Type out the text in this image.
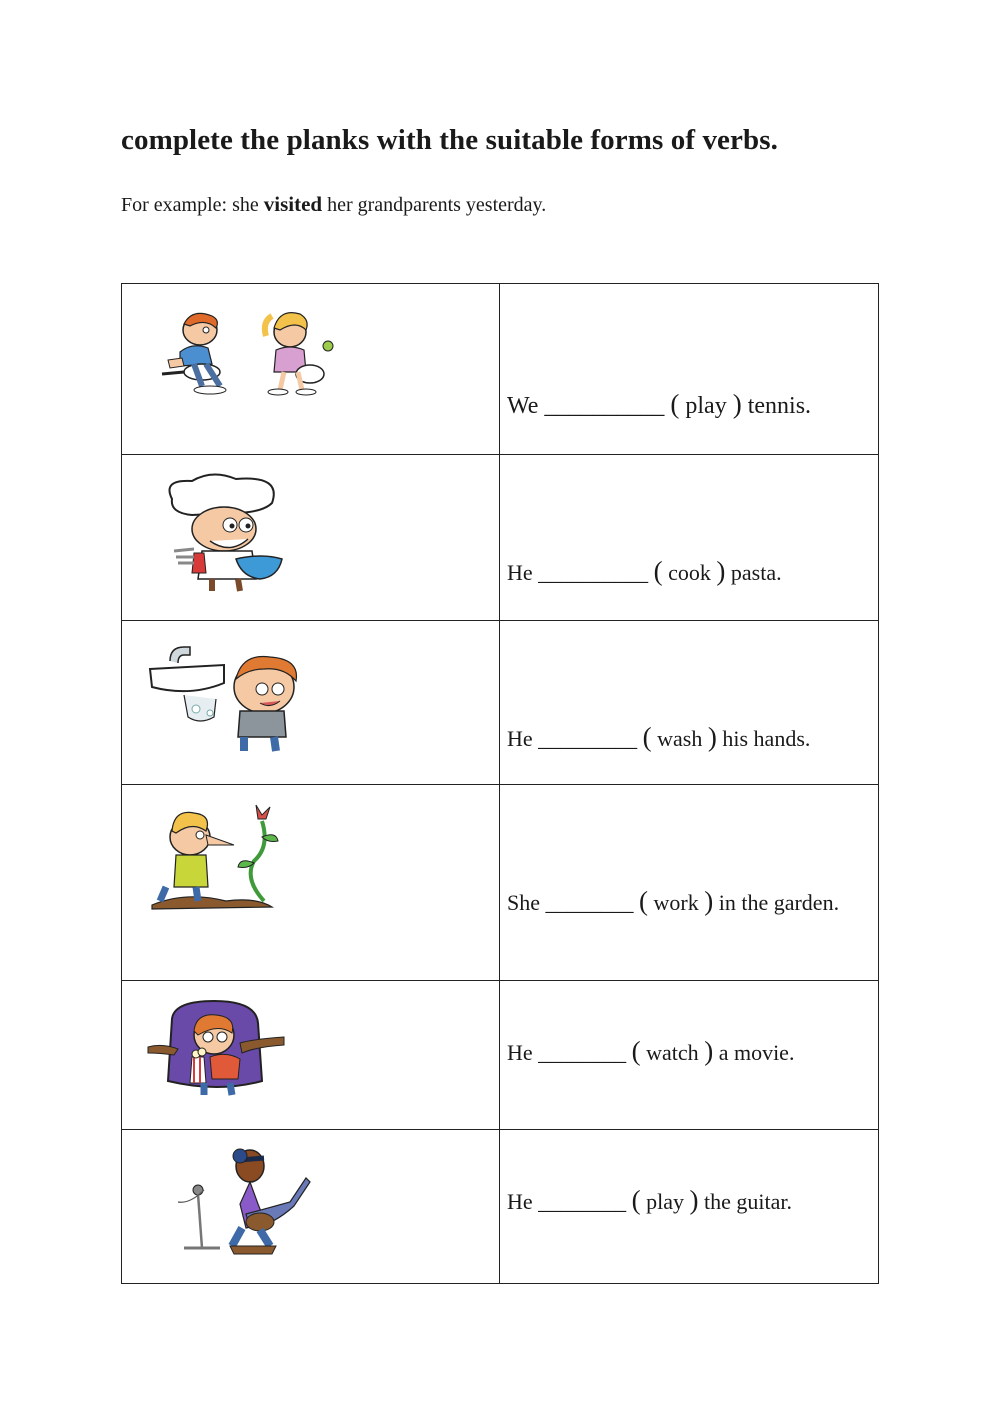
complete the planks with the suitable forms of verbs.

For example: she visited her grandparents yesterday.

We __________ ( play ) tennis.

He __________ ( cook ) pasta.

He _________ ( wash ) his hands.

She ________ ( work ) in the garden.

He ________ ( watch ) a movie.

He ________ ( play ) the guitar.
